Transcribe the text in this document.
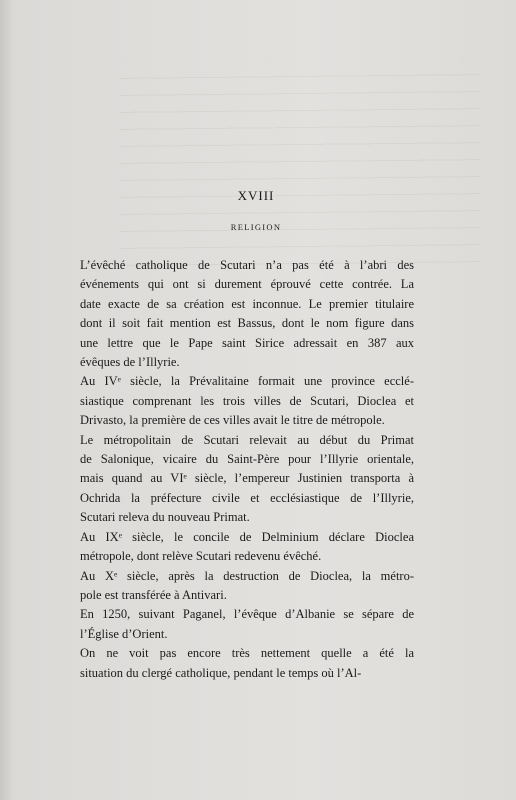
XVIII
RELIGION
L’évêché catholique de Scutari n’a pas été à l’abri des
événements qui ont si durement éprouvé cette contrée. La
date exacte de sa création est inconnue. Le premier titulaire
dont il soit fait mention est Bassus, dont le nom figure dans
une lettre que le Pape saint Sirice adressait en 387 aux
évêques de l’Illyrie.
Au IVᵉ siècle, la Prévalitaine formait une province ecclé-
siastique comprenant les trois villes de Scutari, Dioclea et
Drivasto, la première de ces villes avait le titre de métropole.
Le métropolitain de Scutari relevait au début du Primat
de Salonique, vicaire du Saint-Père pour l’Illyrie orientale,
mais quand au VIᵉ siècle, l’empereur Justinien transporta à
Ochrida la préfecture civile et ecclésiastique de l’Illyrie,
Scutari releva du nouveau Primat.
Au IXᵉ siècle, le concile de Delminium déclare Dioclea
métropole, dont relève Scutari redevenu évêché.
Au Xᵉ siècle, après la destruction de Dioclea, la métro-
pole est transférée à Antivari.
En 1250, suivant Paganel, l’évêque d’Albanie se sépare de
l’Église d’Orient.
On ne voit pas encore très nettement quelle a été la
situation du clergé catholique, pendant le temps où l’Al-
